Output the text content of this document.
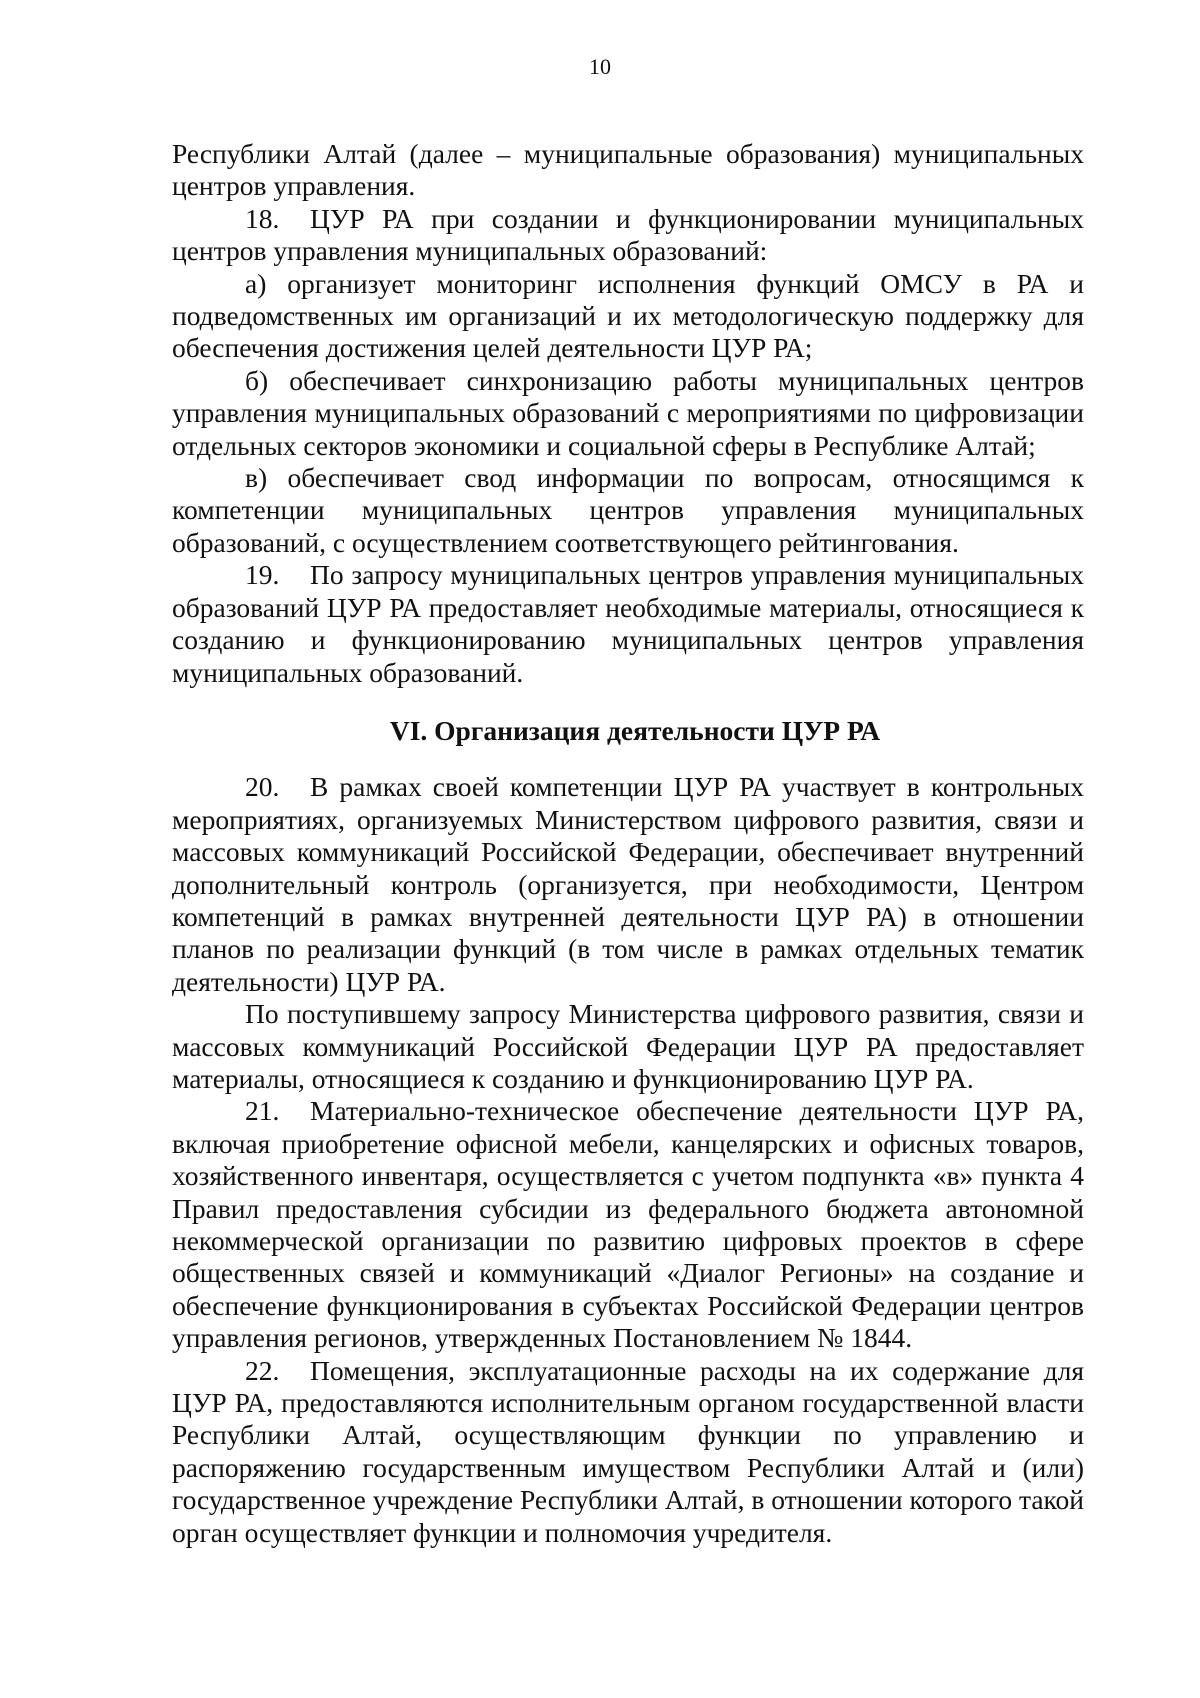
10

Республики Алтай (далее – муниципальные образования) муниципальных центров управления.

18. ЦУР РА при создании и функционировании муниципальных центров управления муниципальных образований:

а) организует мониторинг исполнения функций ОМСУ в РА и подведомственных им организаций и их методологическую поддержку для обеспечения достижения целей деятельности ЦУР РА;

б) обеспечивает синхронизацию работы муниципальных центров управления муниципальных образований с мероприятиями по цифровизации отдельных секторов экономики и социальной сферы в Республике Алтай;

в) обеспечивает свод информации по вопросам, относящимся к компетенции муниципальных центров управления муниципальных образований, с осуществлением соответствующего рейтингования.

19. По запросу муниципальных центров управления муниципальных образований ЦУР РА предоставляет необходимые материалы, относящиеся к созданию и функционированию муниципальных центров управления муниципальных образований.

VI. Организация деятельности ЦУР РА

20. В рамках своей компетенции ЦУР РА участвует в контрольных мероприятиях, организуемых Министерством цифрового развития, связи и массовых коммуникаций Российской Федерации, обеспечивает внутренний дополнительный контроль (организуется, при необходимости, Центром компетенций в рамках внутренней деятельности ЦУР РА) в отношении планов по реализации функций (в том числе в рамках отдельных тематик деятельности) ЦУР РА.

По поступившему запросу Министерства цифрового развития, связи и массовых коммуникаций Российской Федерации ЦУР РА предоставляет материалы, относящиеся к созданию и функционированию ЦУР РА.

21. Материально-техническое обеспечение деятельности ЦУР РА, включая приобретение офисной мебели, канцелярских и офисных товаров, хозяйственного инвентаря, осуществляется с учетом подпункта «в» пункта 4 Правил предоставления субсидии из федерального бюджета автономной некоммерческой организации по развитию цифровых проектов в сфере общественных связей и коммуникаций «Диалог Регионы» на создание и обеспечение функционирования в субъектах Российской Федерации центров управления регионов, утвержденных Постановлением № 1844.

22. Помещения, эксплуатационные расходы на их содержание для ЦУР РА, предоставляются исполнительным органом государственной власти Республики Алтай, осуществляющим функции по управлению и распоряжению государственным имуществом Республики Алтай и (или) государственное учреждение Республики Алтай, в отношении которого такой орган осуществляет функции и полномочия учредителя.
